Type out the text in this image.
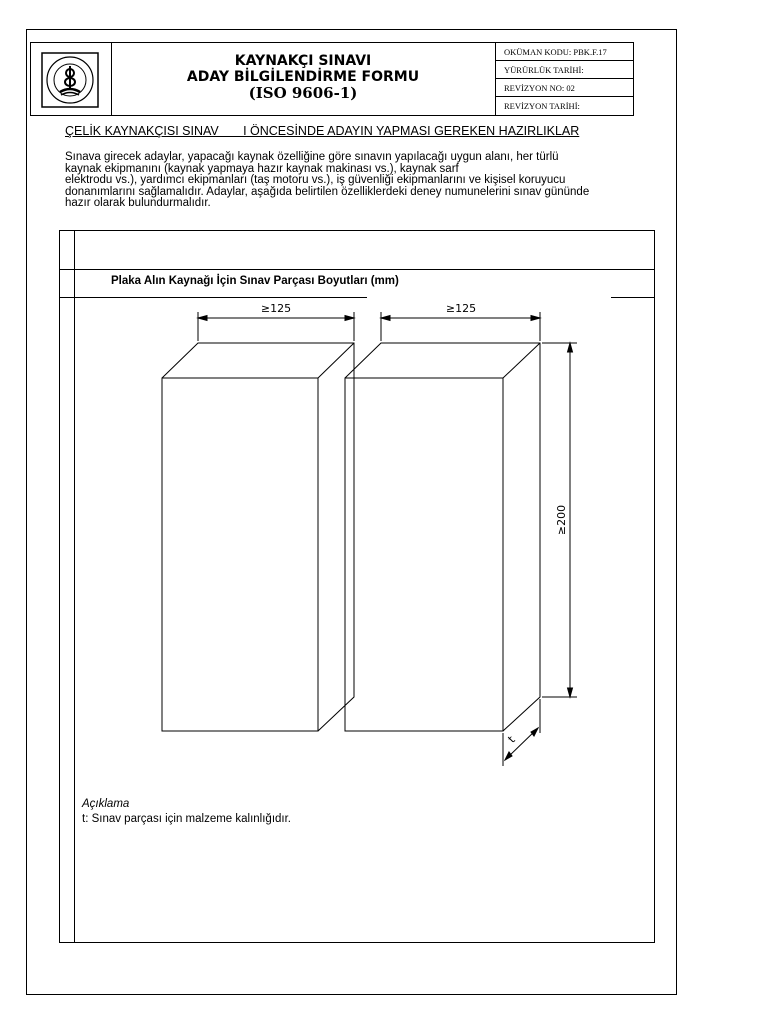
KAYNAKÇI SINAVI
ADAY BİLGİLENDİRME FORMU
(ISO 9606-1)
OKÜMAN KODU: PBK.F.17
YÜRÜRLÜK TARİHİ:
REVİZYON NO: 02
REVİZYON TARİHİ:
ÇELİK KAYNAKÇISI SINAV       I ÖNCESİNDE ADAYIN YAPMASI GEREKEN HAZIRLIKLAR
Sınava girecek adaylar, yapacağı kaynak özelliğine göre sınavın yapılacağı uygun alanı, her türlü
kaynak ekipmanını (kaynak yapmaya hazır kaynak makinası vs.), kaynak sarf
elektrodu vs.), yardımcı ekipmanları (taş motoru vs.), iş güvenliği ekipmanlarını ve kişisel koruyucu
donanımlarını sağlamalıdır. Adaylar, aşağıda belirtilen özelliklerdeki deney numunelerini sınav gününde
hazır olarak bulundurmalıdır.
Plaka Alın Kaynağı İçin Sınav Parçası Boyutları (mm)
≥125	≥125
≥200
t
Açıklama
t: Sınav parçası için malzeme kalınlığıdır.
